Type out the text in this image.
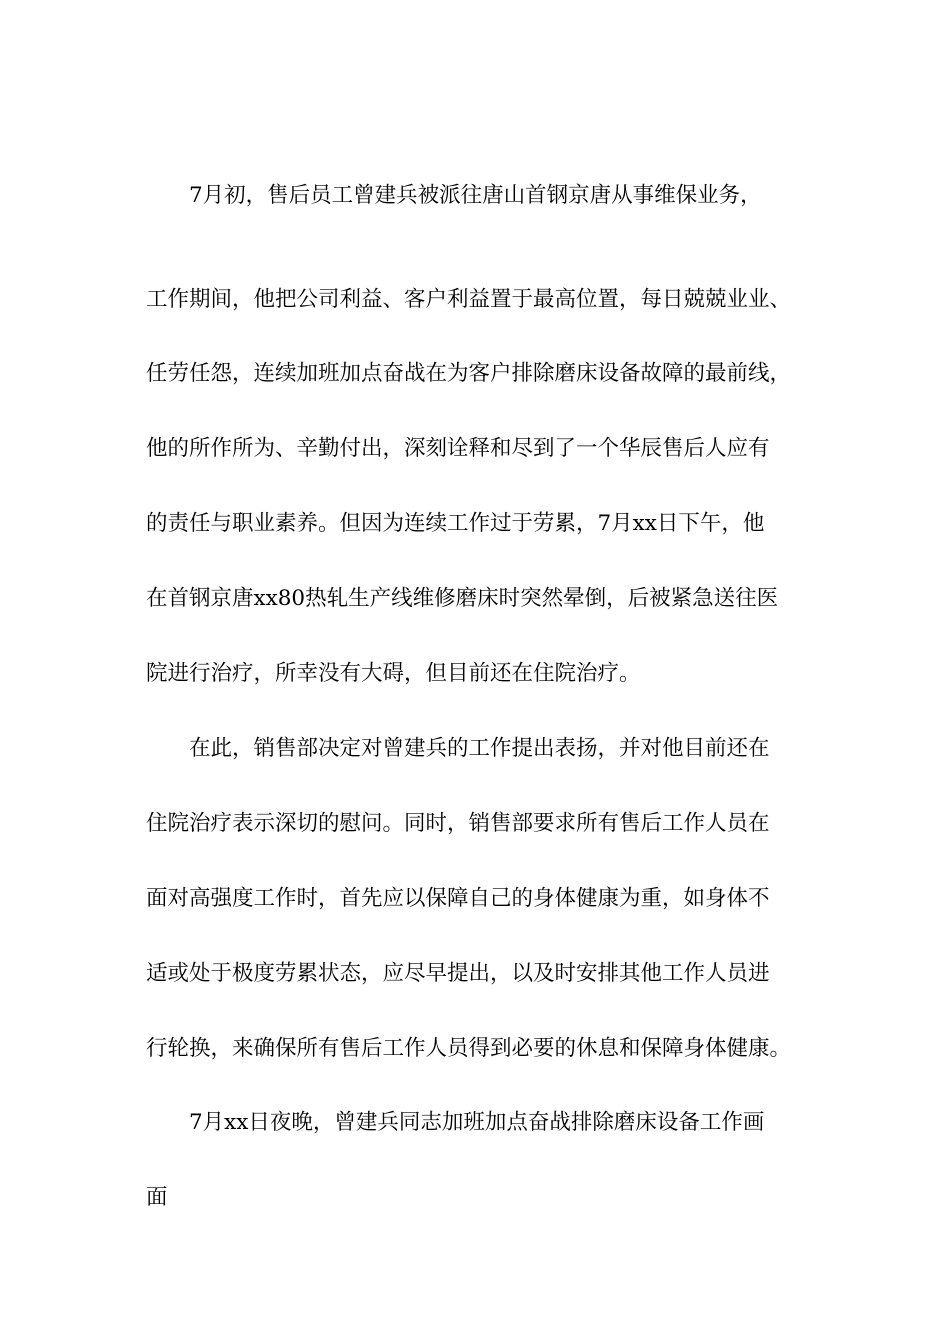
7月初，售后员工曾建兵被派往唐山首钢京唐从事维保业务，

工作期间，他把公司利益、客户利益置于最高位置，每日兢兢业业、

任劳任怨，连续加班加点奋战在为客户排除磨床设备故障的最前线，

他的所作所为、辛勤付出，深刻诠释和尽到了一个华辰售后人应有

的责任与职业素养。但因为连续工作过于劳累，7月xx日下午，他

在首钢京唐xx80热轧生产线维修磨床时突然晕倒，后被紧急送往医

院进行治疗，所幸没有大碍，但目前还在住院治疗。

在此，销售部决定对曾建兵的工作提出表扬，并对他目前还在

住院治疗表示深切的慰问。同时，销售部要求所有售后工作人员在

面对高强度工作时，首先应以保障自己的身体健康为重，如身体不

适或处于极度劳累状态，应尽早提出，以及时安排其他工作人员进

行轮换，来确保所有售后工作人员得到必要的休息和保障身体健康。

7月xx日夜晚，曾建兵同志加班加点奋战排除磨床设备工作画

面
